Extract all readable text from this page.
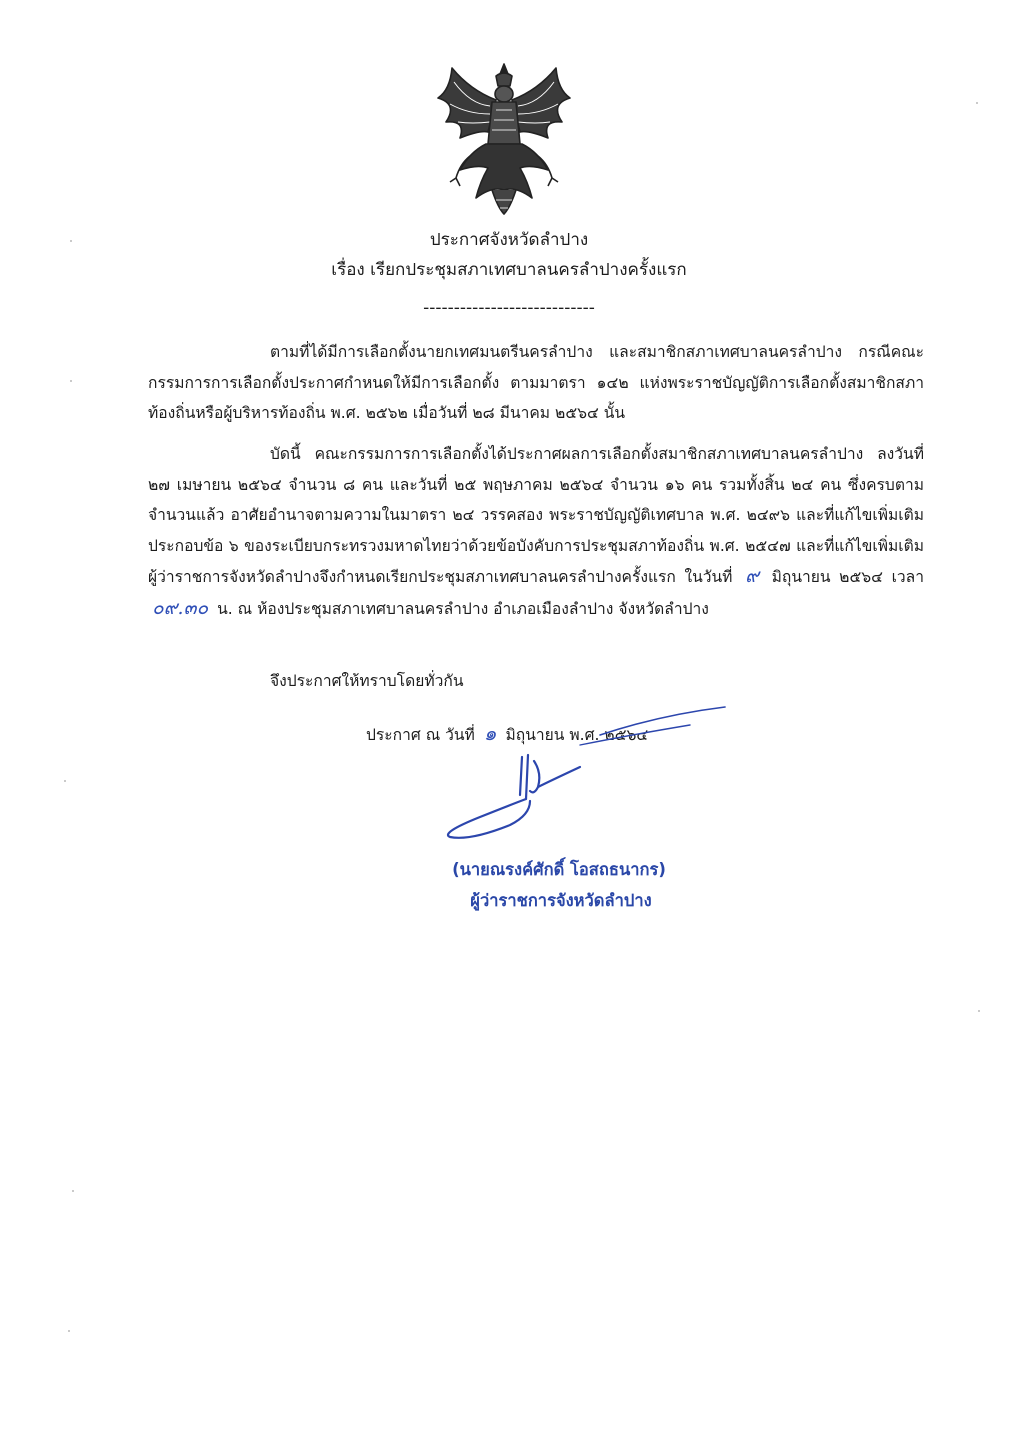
ประกาศจังหวัดลำปาง
เรื่อง เรียกประชุมสภาเทศบาลนครลำปางครั้งแรก
----------------------------
ตามที่ได้มีการเลือกตั้งนายกเทศมนตรีนครลำปาง และสมาชิกสภาเทศบาลนครลำปาง กรณีคณะกรรมการการเลือกตั้งประกาศกำหนดให้มีการเลือกตั้ง ตามมาตรา ๑๔๒ แห่งพระราชบัญญัติการเลือกตั้งสมาชิกสภาท้องถิ่นหรือผู้บริหารท้องถิ่น พ.ศ. ๒๕๖๒ เมื่อวันที่ ๒๘ มีนาคม ๒๕๖๔ นั้น
บัดนี้ คณะกรรมการการเลือกตั้งได้ประกาศผลการเลือกตั้งสมาชิกสภาเทศบาลนครลำปาง ลงวันที่ ๒๗ เมษายน ๒๕๖๔ จำนวน ๘ คน และวันที่ ๒๕ พฤษภาคม ๒๕๖๔ จำนวน ๑๖ คน รวมทั้งสิ้น ๒๔ คน ซึ่งครบตามจำนวนแล้ว อาศัยอำนาจตามความในมาตรา ๒๔ วรรคสอง พระราชบัญญัติเทศบาล พ.ศ. ๒๔๙๖ และที่แก้ไขเพิ่มเติม ประกอบข้อ ๖ ของระเบียบกระทรวงมหาดไทยว่าด้วยข้อบังคับการประชุมสภาท้องถิ่น พ.ศ. ๒๕๔๗ และที่แก้ไขเพิ่มเติม ผู้ว่าราชการจังหวัดลำปางจึงกำหนดเรียกประชุมสภาเทศบาลนครลำปางครั้งแรก ในวันที่ ๙ มิถุนายน ๒๕๖๔ เวลา ๐๙.๓๐ น. ณ ห้องประชุมสภาเทศบาลนครลำปาง อำเภอเมืองลำปาง จังหวัดลำปาง
จึงประกาศให้ทราบโดยทั่วกัน
ประกาศ ณ วันที่ ๑ มิถุนายน พ.ศ. ๒๕๖๔
(นายณรงค์ศักดิ์ โอสถธนากร)
ผู้ว่าราชการจังหวัดลำปาง
